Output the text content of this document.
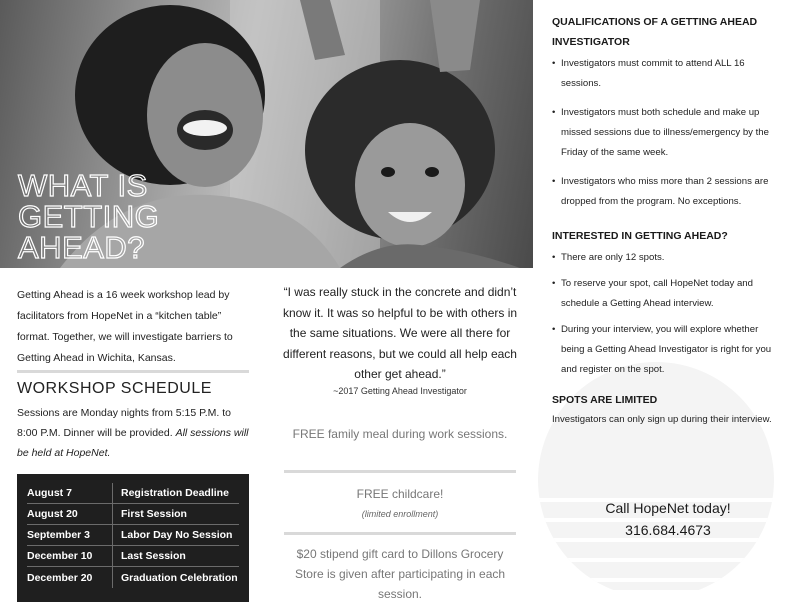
WHAT IS
GETTING
AHEAD?

Getting Ahead is a 16 week workshop lead by facilitators from HopeNet in a “kitchen table” format. Together, we will investigate barriers to Getting Ahead in Wichita, Kansas.

WORKSHOP SCHEDULE

Sessions are Monday nights from 5:15 P.M. to 8:00 P.M. Dinner will be provided. All sessions will be held at HopeNet.

August 7	Registration Deadline
August 20	First Session
September 3	Labor Day No Session
December 10	Last Session
December 20	Graduation Celebration

“I was really stuck in the concrete and didn’t know it. It was so helpful to be with others in the same situations. We were all there for different reasons, but we could all help each other get ahead.”

~2017 Getting Ahead Investigator
FREE family meal during work sessions.
FREE childcare!
(limited enrollment)
$20 stipend gift card to Dillons Grocery Store is given after participating in each session.
QUALIFICATIONS OF A GETTING AHEAD INVESTIGATOR
• Investigators must commit to attend ALL 16 sessions.
• Investigators must both schedule and make up missed sessions due to illness/emergency by the Friday of the same week.
• Investigators who miss more than 2 sessions are dropped from the program. No exceptions.
INTERESTED IN GETTING AHEAD?
• There are only 12 spots.
• To reserve your spot, call HopeNet today and schedule a Getting Ahead interview.
• During your interview, you will explore whether being a Getting Ahead Investigator is right for you and register on the spot.
SPOTS ARE LIMITED
Investigators can only sign up during their interview.
Call HopeNet today!
316.684.4673
